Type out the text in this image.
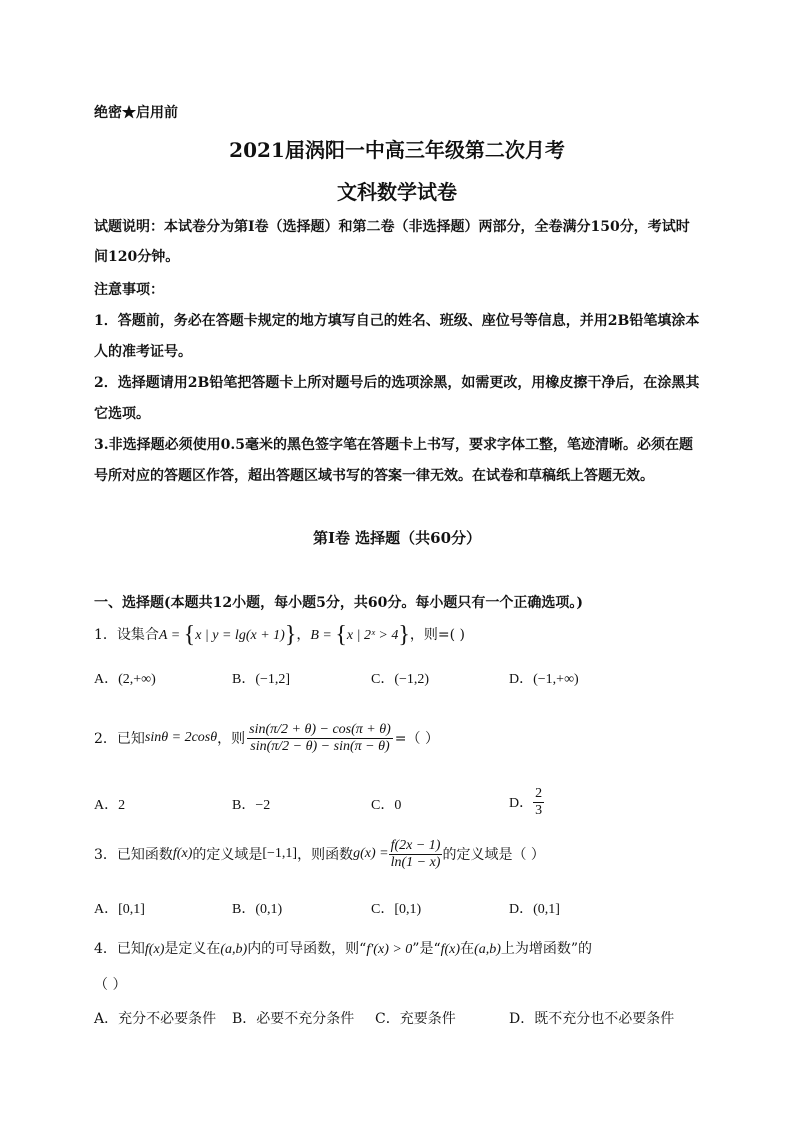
绝密★启用前
2021届涡阳一中高三年级第二次月考
文科数学试卷
试题说明：本试卷分为第Ⅰ卷（选择题）和第二卷（非选择题）两部分，全卷满分150分，考试时
间120分钟。
注意事项：
1．答题前，务必在答题卡规定的地方填写自己的姓名、班级、座位号等信息，并用2B铅笔填涂本
人的准考证号。
2．选择题请用2B铅笔把答题卡上所对题号后的选项涂黑，如需更改，用橡皮擦干净后，在涂黑其
它选项。
3.非选择题必须使用0.5毫米的黑色签字笔在答题卡上书写，要求字体工整，笔迹清晰。必须在题
号所对应的答题区作答，超出答题区域书写的答案一律无效。在试卷和草稿纸上答题无效。
第Ⅰ卷 选择题（共60分）
一、选择题(本题共12小题，每小题5分，共60分。每小题只有一个正确选项。)
1．设集合A = {x | y = lg(x + 1)}，B = {x | 2ˣ > 4}，则=( )
A．(2,+∞)	B．(−1,2]	C．(−1,2)	D．(−1,+∞)
2．已知 sinθ = 2cosθ ，则 $\frac{\sin(\pi/2 + \theta) - \cos(\pi + \theta)}{\sin(\pi/2 - \theta) - \sin(\pi - \theta)}$ =（ ）
A．2	B．−2	C．0	D． $\frac{2}{3}$
3．已知函数 f(x) 的定义域是 [−1,1] ，则函数 $g(x) = \frac{f(2x - 1)}{\ln(1 - x)}$ 的定义域是（ ）
A．[0,1]	B．(0,1)	C．[0,1)	D．(0,1]
4．已知f(x)是定义在(a,b)内的可导函数，则“f′(x) > 0”是“f(x)在(a,b)上为增函数”的
（ ）
A．充分不必要条件 B．必要不充分条件 C．充要条件	D．既不充分也不必要条件
